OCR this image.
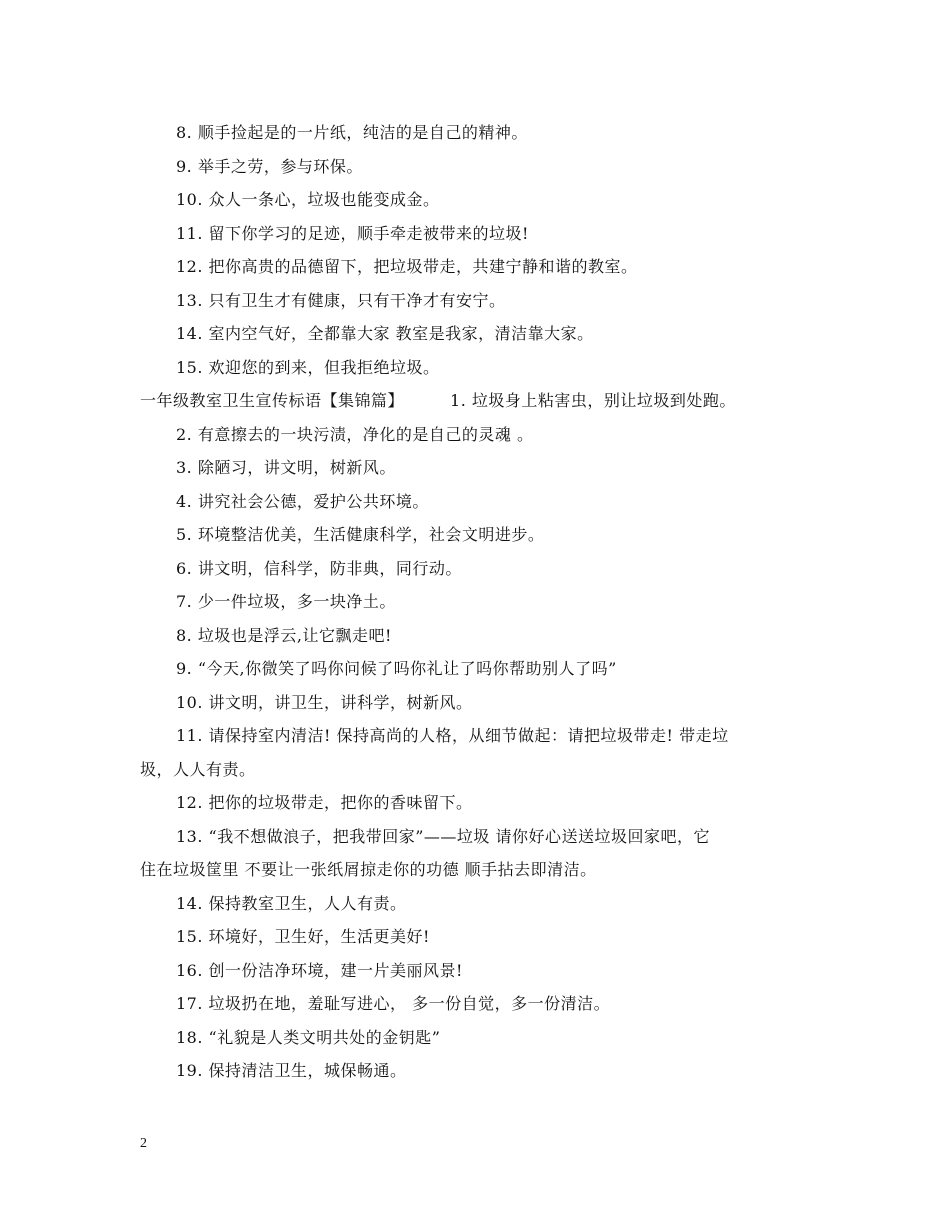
8. 顺手捡起是的一片纸，纯洁的是自己的精神。
9. 举手之劳，参与环保。
10. 众人一条心，垃圾也能变成金。
11. 留下你学习的足迹，顺手牵走被带来的垃圾!
12. 把你高贵的品德留下，把垃圾带走，共建宁静和谐的教室。
13. 只有卫生才有健康，只有干净才有安宁。
14. 室内空气好，全都靠大家 教室是我家，清洁靠大家。
15. 欢迎您的到来，但我拒绝垃圾。
一年级教室卫生宣传标语【集锦篇】	1. 垃圾身上粘害虫，别让垃圾到处跑。
2. 有意擦去的一块污渍，净化的是自己的灵魂 。
3. 除陋习，讲文明，树新风。
4. 讲究社会公德，爱护公共环境。
5. 环境整洁优美，生活健康科学，社会文明进步。
6. 讲文明，信科学，防非典，同行动。
7. 少一件垃圾，多一块净土。
8. 垃圾也是浮云,让它飘走吧!
9. “今天,你微笑了吗你问候了吗你礼让了吗你帮助别人了吗”
10. 讲文明，讲卫生，讲科学，树新风。
11. 请保持室内清洁! 保持高尚的人格，从细节做起：请把垃圾带走! 带走垃
圾，人人有责。
12. 把你的垃圾带走，把你的香味留下。
13. “我不想做浪子，把我带回家”——垃圾 请你好心送送垃圾回家吧，它
住在垃圾筐里 不要让一张纸屑掠走你的功德 顺手拈去即清洁。
14. 保持教室卫生，人人有责。
15. 环境好，卫生好，生活更美好!
16. 创一份洁净环境，建一片美丽风景!
17. 垃圾扔在地，羞耻写进心， 多一份自觉，多一份清洁。
18. “礼貌是人类文明共处的金钥匙”
19. 保持清洁卫生，城保畅通。
2
